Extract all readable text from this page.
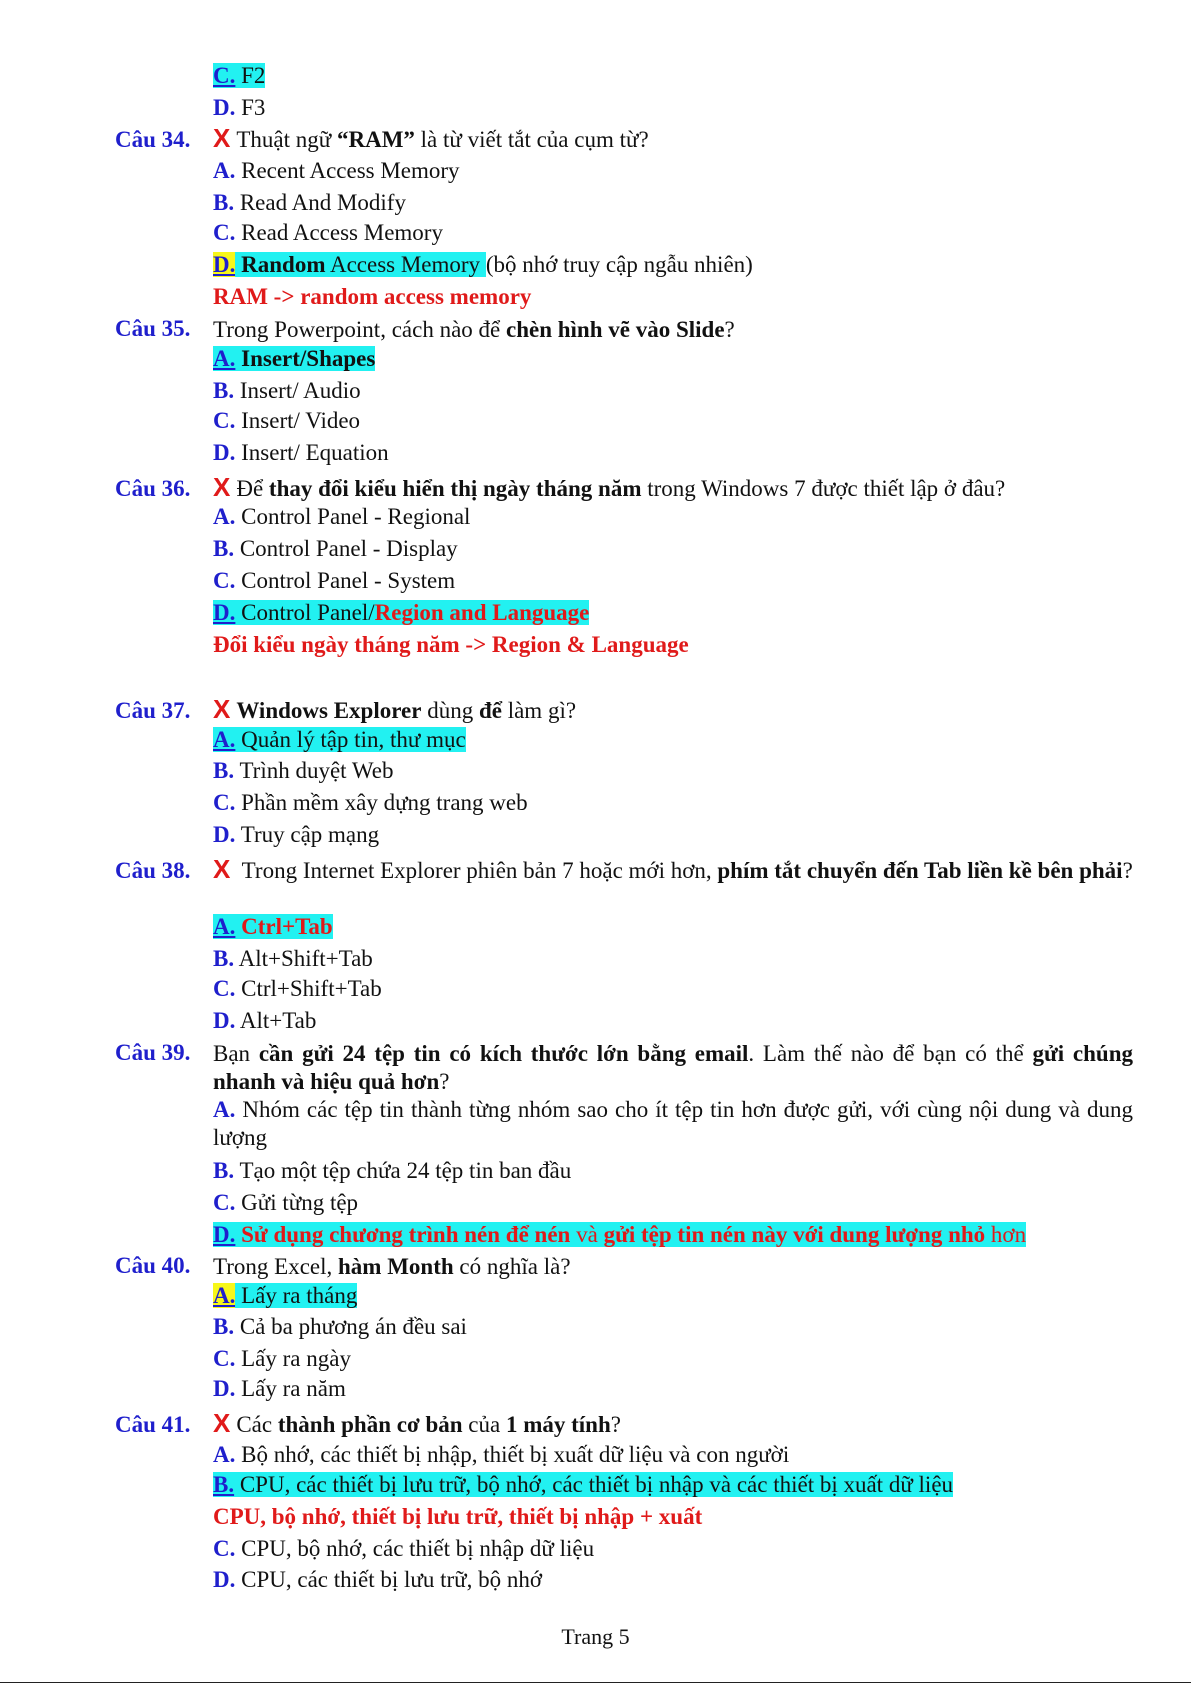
C. F2
D. F3
Câu 34. X Thuật ngữ “RAM” là từ viết tắt của cụm từ?
A. Recent Access Memory
B. Read And Modify
C. Read Access Memory
D. Random Access Memory (bộ nhớ truy cập ngẫu nhiên)
RAM -> random access memory
Câu 35. Trong Powerpoint, cách nào để chèn hình vẽ vào Slide?
A. Insert/Shapes
B. Insert/ Audio
C. Insert/ Video
D. Insert/ Equation
Câu 36. X Để thay đổi kiểu hiển thị ngày tháng năm trong Windows 7 được thiết lập ở đâu?
A. Control Panel - Regional
B. Control Panel - Display
C. Control Panel - System
D. Control Panel/Region and Language
Đổi kiểu ngày tháng năm -> Region & Language
Câu 37. X Windows Explorer dùng để làm gì?
A. Quản lý tập tin, thư mục
B. Trình duyệt Web
C. Phần mềm xây dựng trang web
D. Truy cập mạng
Câu 38. X Trong Internet Explorer phiên bản 7 hoặc mới hơn, phím tắt chuyển đến Tab liền kề bên phải?
A. Ctrl+Tab
B. Alt+Shift+Tab
C. Ctrl+Shift+Tab
D. Alt+Tab
Câu 39. Bạn cần gửi 24 tệp tin có kích thước lớn bằng email. Làm thế nào để bạn có thể gửi chúng nhanh và hiệu quả hơn?
A. Nhóm các tệp tin thành từng nhóm sao cho ít tệp tin hơn được gửi, với cùng nội dung và dung lượng
B. Tạo một tệp chứa 24 tệp tin ban đầu
C. Gửi từng tệp
D. Sử dụng chương trình nén để nén và gửi tệp tin nén này với dung lượng nhỏ hơn
Câu 40. Trong Excel, hàm Month có nghĩa là?
A. Lấy ra tháng
B. Cả ba phương án đều sai
C. Lấy ra ngày
D. Lấy ra năm
Câu 41. X Các thành phần cơ bản của 1 máy tính?
A. Bộ nhớ, các thiết bị nhập, thiết bị xuất dữ liệu và con người
B. CPU, các thiết bị lưu trữ, bộ nhớ, các thiết bị nhập và các thiết bị xuất dữ liệu
CPU, bộ nhớ, thiết bị lưu trữ, thiết bị nhập + xuất
C. CPU, bộ nhớ, các thiết bị nhập dữ liệu
D. CPU, các thiết bị lưu trữ, bộ nhớ
Trang 5
